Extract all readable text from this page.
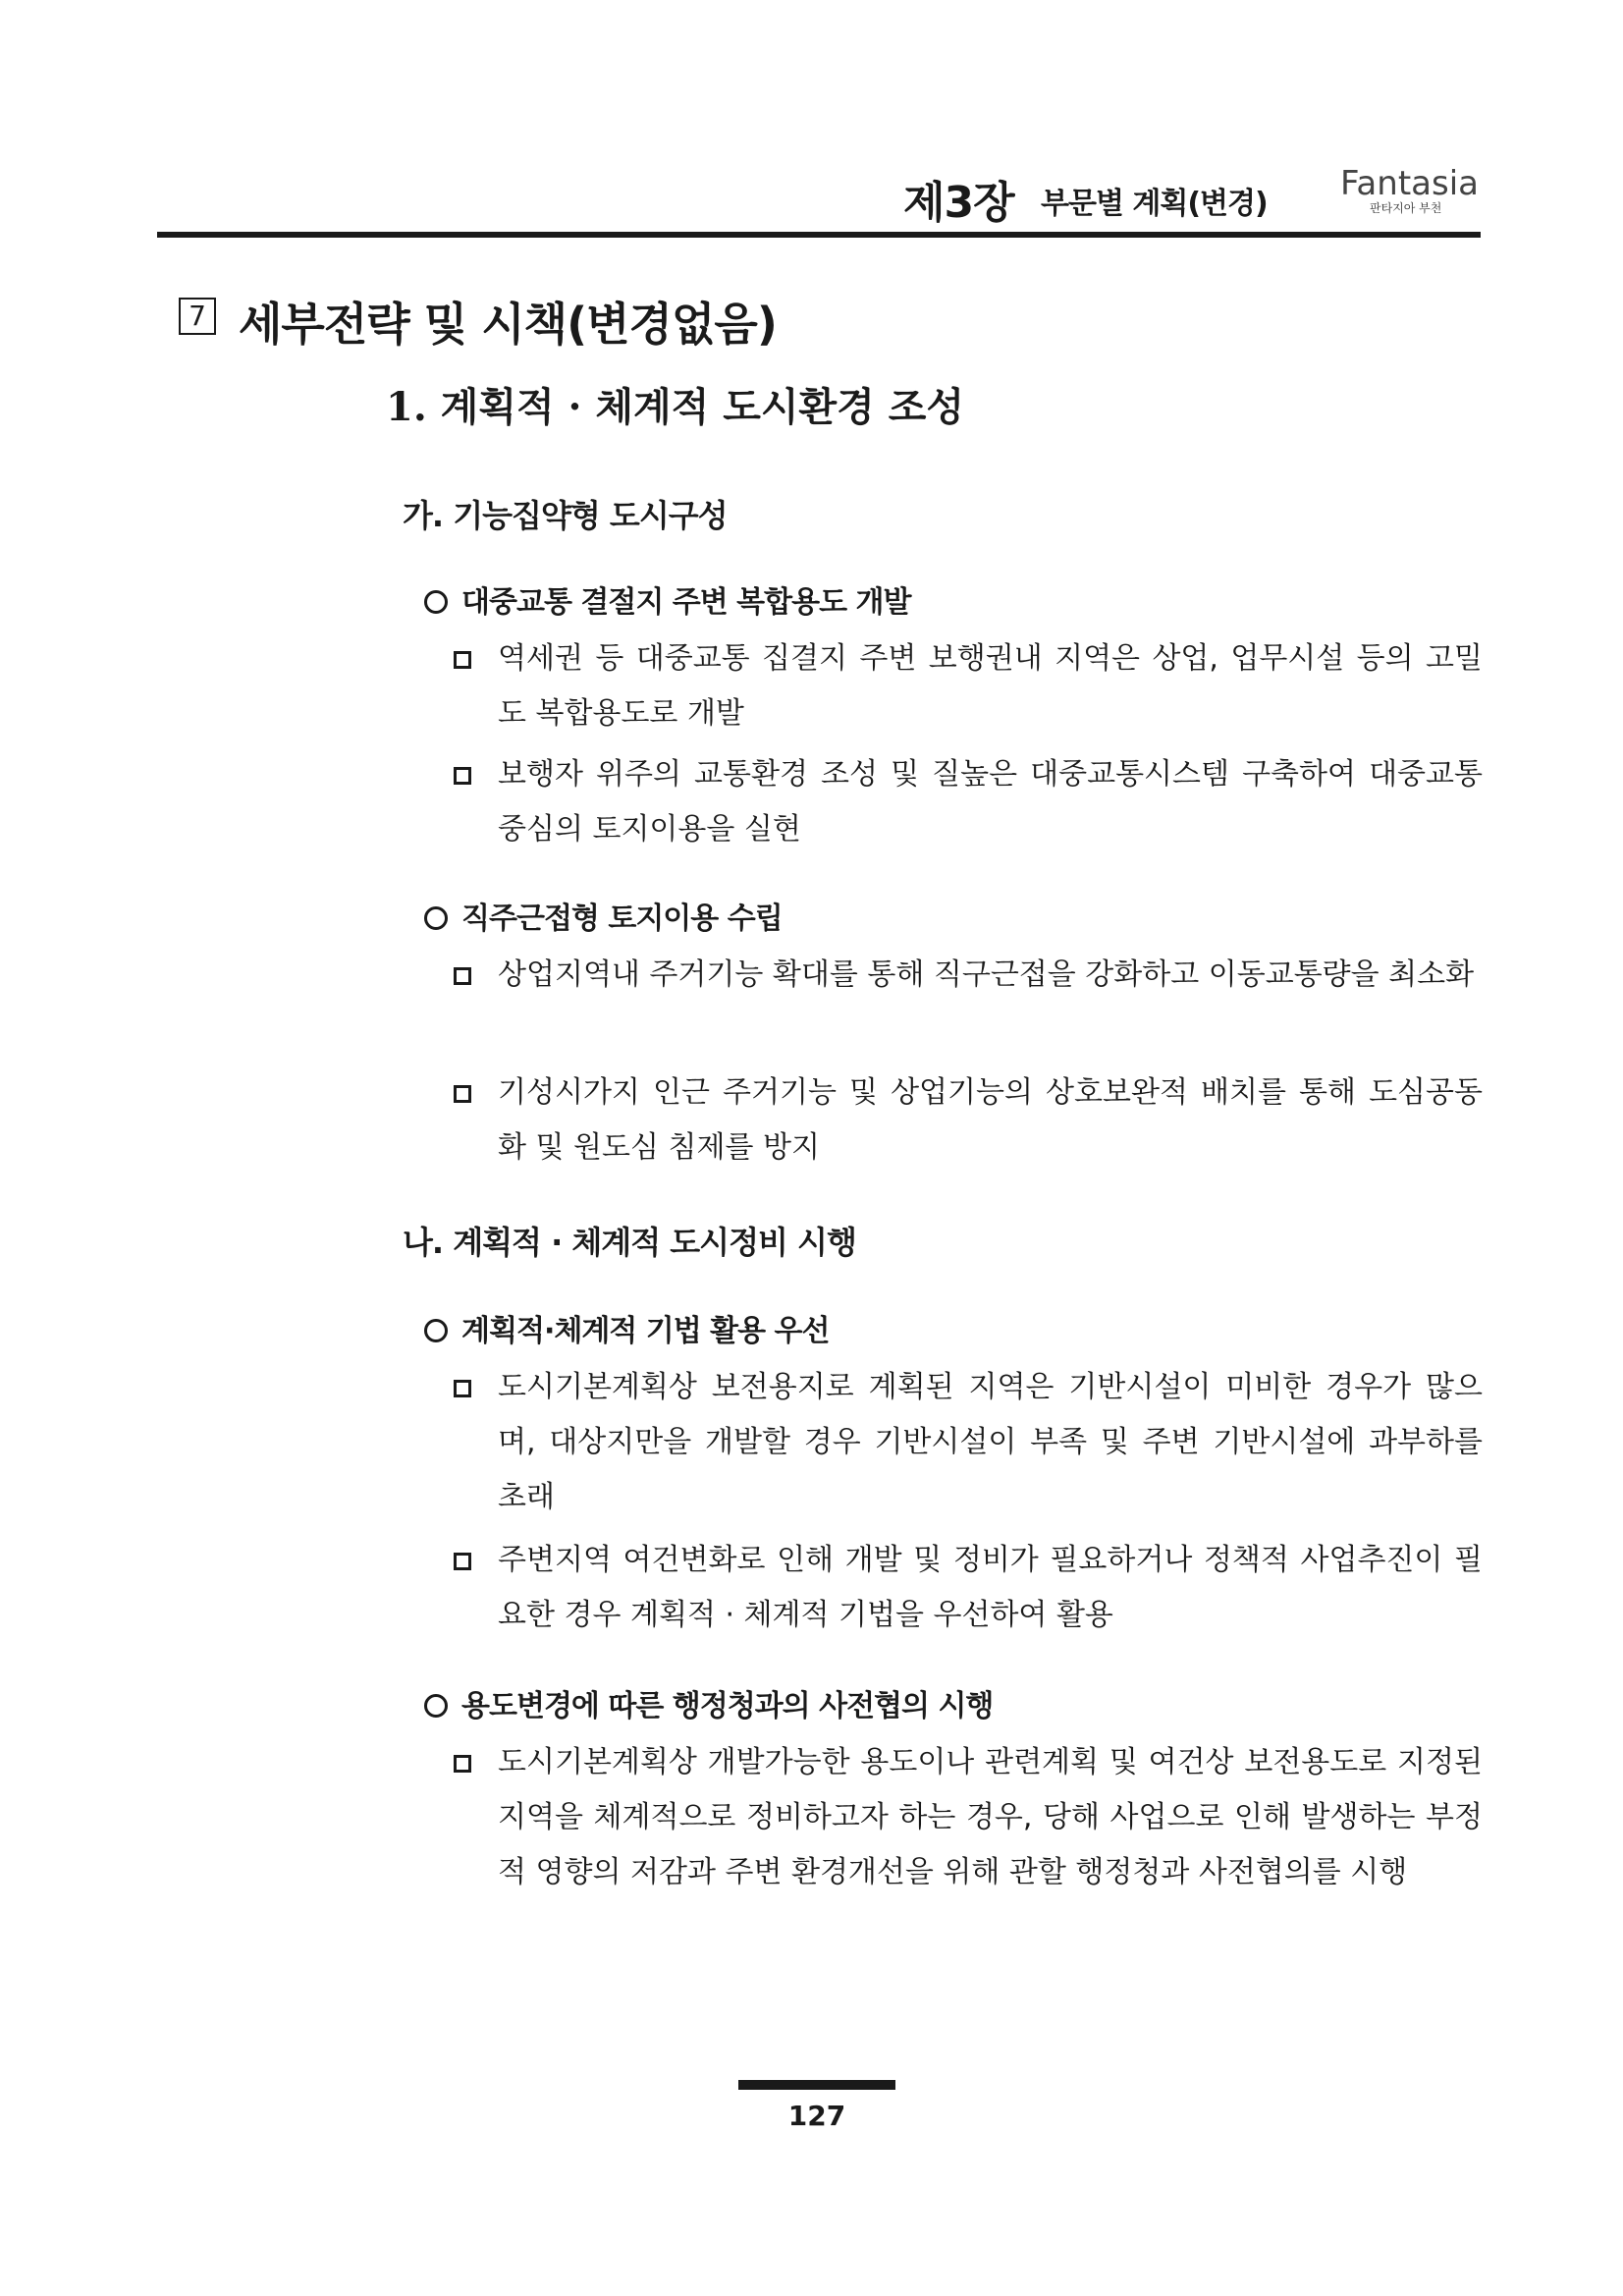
제3장 부문별 계획(변경)
Fantasia
판타지아 부천
7 세부전략 및 시책(변경없음)
1. 계획적 · 체계적 도시환경 조성
가. 기능집약형 도시구성
대중교통 결절지 주변 복합용도 개발
역세권 등 대중교통 집결지 주변 보행권내 지역은 상업, 업무시설 등의 고밀도 복합용도로 개발
보행자 위주의 교통환경 조성 및 질높은 대중교통시스템 구축하여 대중교통 중심의 토지이용을 실현
직주근접형 토지이용 수립
상업지역내 주거기능 확대를 통해 직구근접을 강화하고 이동교통량을 최소화
기성시가지 인근 주거기능 및 상업기능의 상호보완적 배치를 통해 도심공동화 및 원도심 침제를 방지
나. 계획적 · 체계적 도시정비 시행
계획적·체계적 기법 활용 우선
도시기본계획상 보전용지로 계획된 지역은 기반시설이 미비한 경우가 많으며, 대상지만을 개발할 경우 기반시설이 부족 및 주변 기반시설에 과부하를 초래
주변지역 여건변화로 인해 개발 및 정비가 필요하거나 정책적 사업추진이 필요한 경우 계획적 · 체계적 기법을 우선하여 활용
용도변경에 따른 행정청과의 사전협의 시행
도시기본계획상 개발가능한 용도이나 관련계획 및 여건상 보전용도로 지정된 지역을 체계적으로 정비하고자 하는 경우, 당해 사업으로 인해 발생하는 부정적 영향의 저감과 주변 환경개선을 위해 관할 행정청과 사전협의를 시행
127
